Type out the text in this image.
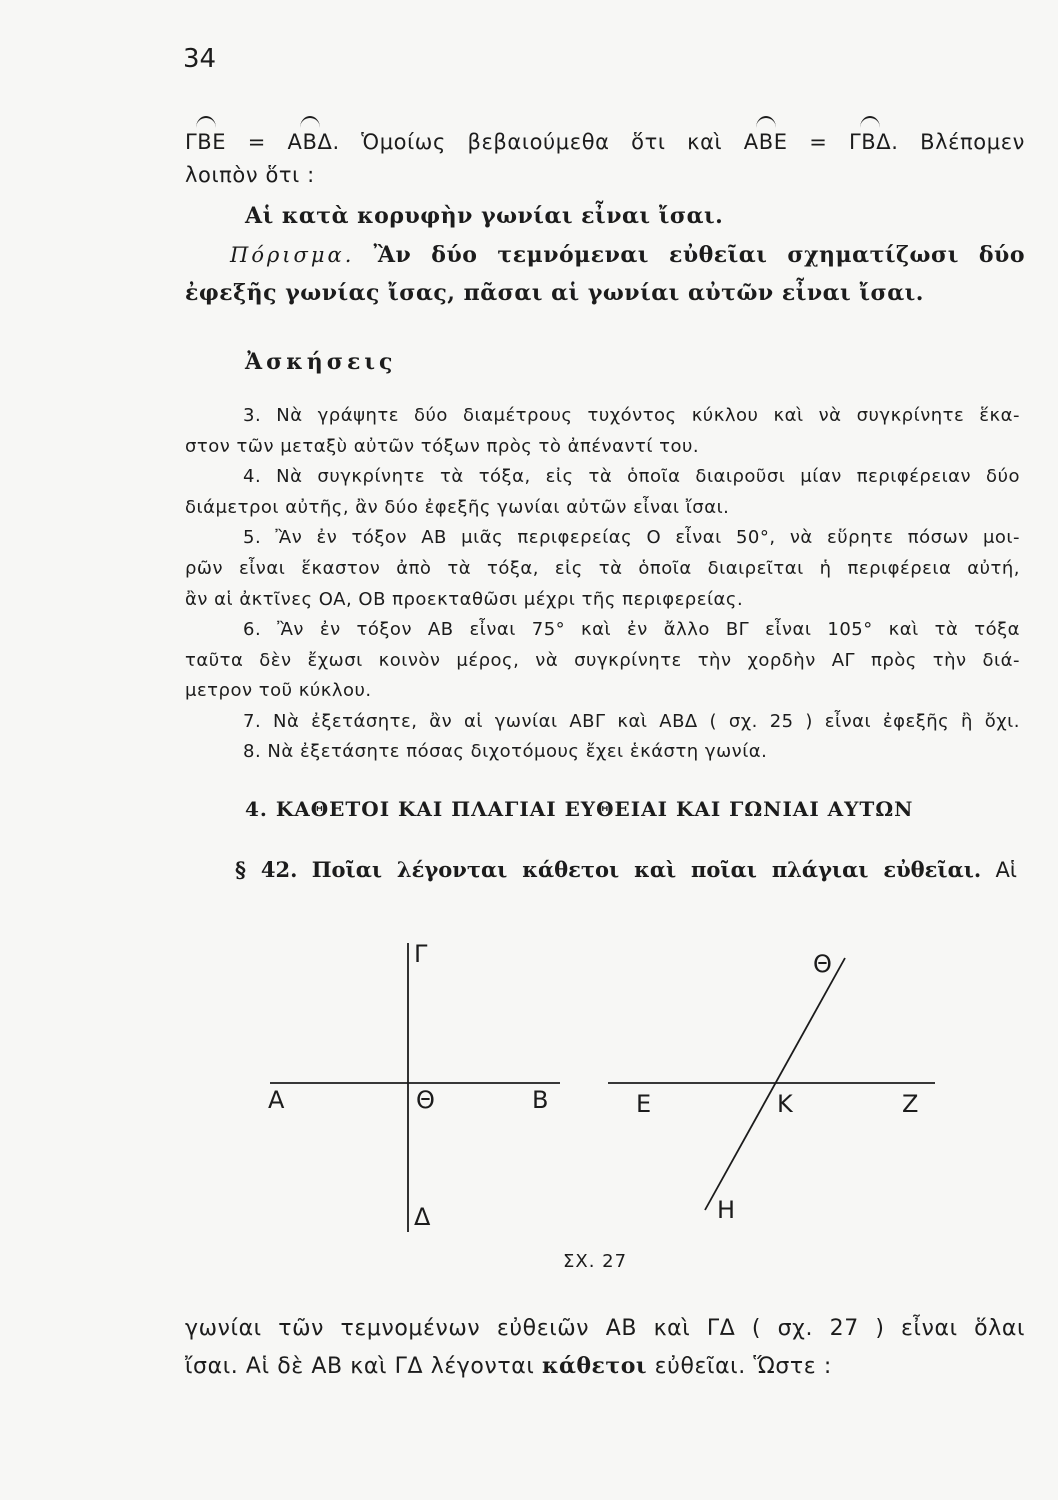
34
ΓBE = ABΔ. Ὁμοίως βεβαιούμεθα ὅτι καὶ ABE = ΓBΔ. Βλέπομεν
λοιπὸν ὅτι :
Αἱ κατὰ κορυφὴν γωνίαι εἶναι ἴσαι.
Πόρισμα. Ἂν δύο τεμνόμεναι εὐθεῖαι σχηματίζωσι δύο
ἐφεξῆς γωνίας ἴσας, πᾶσαι αἱ γωνίαι αὐτῶν εἶναι ἴσαι.
Ἀσκήσεις
3. Νὰ γράψητε δύο διαμέτρους τυχόντος κύκλου καὶ νὰ συγκρίνητε ἕκα-
στον τῶν μεταξὺ αὐτῶν τόξων πρὸς τὸ ἀπέναντί του.
4. Νὰ συγκρίνητε τὰ τόξα, εἰς τὰ ὁποῖα διαιροῦσι μίαν περιφέρειαν δύο
διάμετροι αὐτῆς, ἂν δύο ἐφεξῆς γωνίαι αὐτῶν εἶναι ἴσαι.
5. Ἂν ἐν τόξον AB μιᾶς περιφερείας O εἶναι 50°, νὰ εὕρητε πόσων μοι-
ρῶν εἶναι ἕκαστον ἀπὸ τὰ τόξα, εἰς τὰ ὁποῖα διαιρεῖται ἡ περιφέρεια αὐτή,
ἂν αἱ ἀκτῖνες OA, OB προεκταθῶσι μέχρι τῆς περιφερείας.
6. Ἂν ἐν τόξον AB εἶναι 75° καὶ ἐν ἄλλο BΓ εἶναι 105° καὶ τὰ τόξα
ταῦτα δὲν ἔχωσι κοινὸν μέρος, νὰ συγκρίνητε τὴν χορδὴν AΓ πρὸς τὴν διά-
μετρον τοῦ κύκλου.
7. Νὰ ἐξετάσητε, ἂν αἱ γωνίαι ABΓ καὶ ABΔ ( σχ. 25 ) εἶναι ἐφεξῆς ἢ ὄχι.
8. Νὰ ἐξετάσητε πόσας διχοτόμους ἔχει ἑκάστη γωνία.
4. ΚΑΘΕΤΟΙ ΚΑΙ ΠΛΑΓΙΑΙ ΕΥΘΕΙΑΙ ΚΑΙ ΓΩΝΙΑΙ ΑΥΤΩΝ
§ 42. Ποῖαι λέγονται κάθετοι καὶ ποῖαι πλάγιαι εὐθεῖαι. Αἱ
Γ
A	Θ	B
Δ
Θ
E	K	Z
H
ΣΧ. 27
γωνίαι τῶν τεμνομένων εὐθειῶν AB καὶ ΓΔ ( σχ. 27 ) εἶναι ὅλαι
ἴσαι. Αἱ δὲ AB καὶ ΓΔ λέγονται κάθετοι εὐθεῖαι. Ὥστε :
